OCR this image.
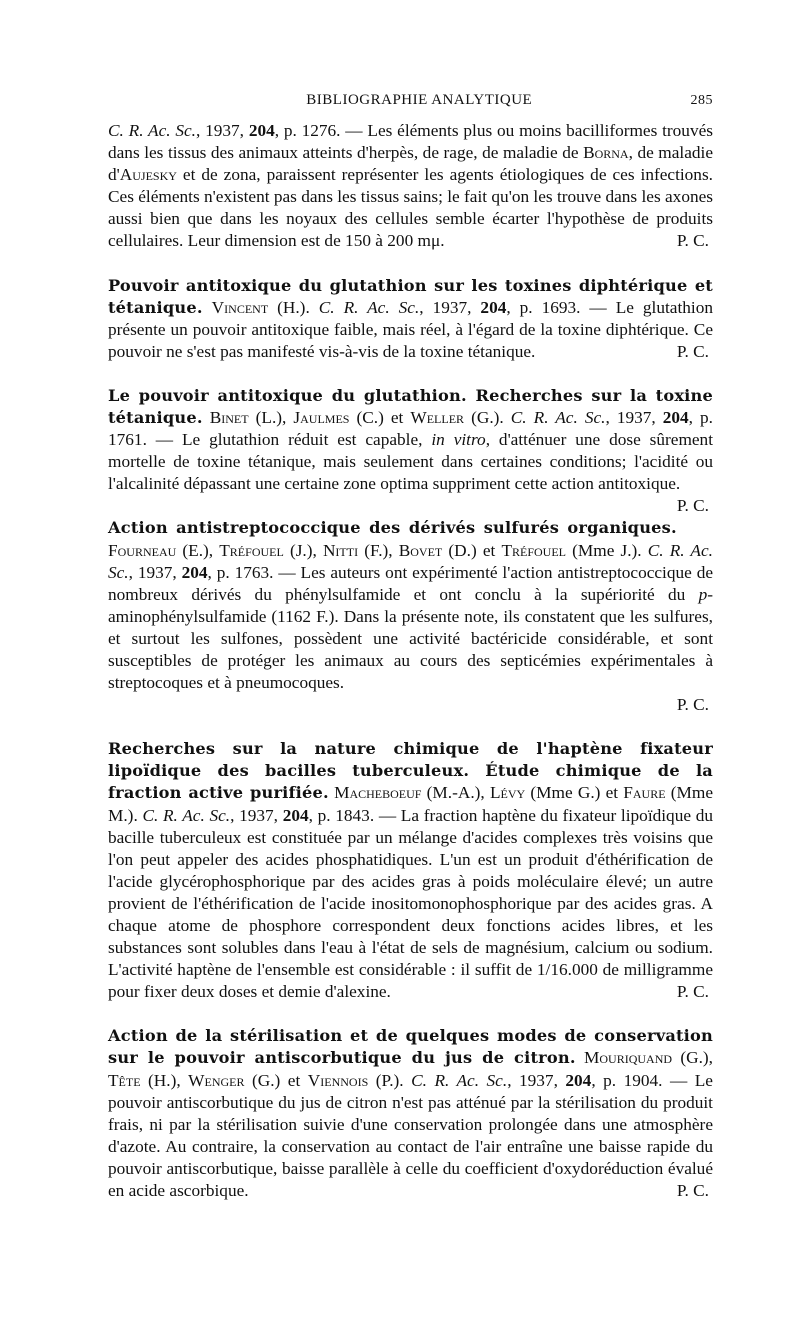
BIBLIOGRAPHIE ANALYTIQUE	285

C. R. Ac. Sc., 1937, 204, p. 1276. — Les éléments plus ou moins bacilliformes trouvés dans les tissus des animaux atteints d'herpès, de rage, de maladie de Borna, de maladie d'Aujesky et de zona, paraissent représenter les agents étiologiques de ces infections. Ces éléments n'existent pas dans les tissus sains; le fait qu'on les trouve dans les axones aussi bien que dans les noyaux des cellules semble écarter l'hypothèse de produits cellulaires. Leur dimension est de 150 à 200 mμ.	P. C.

Pouvoir antitoxique du glutathion sur les toxines diphtérique et tétanique. Vincent (H.). C. R. Ac. Sc., 1937, 204, p. 1693. — Le glutathion présente un pouvoir antitoxique faible, mais réel, à l'égard de la toxine diphtérique. Ce pouvoir ne s'est pas manifesté vis-à-vis de la toxine tétanique.	P. C.

Le pouvoir antitoxique du glutathion. Recherches sur la toxine tétanique. Binet (L.), Jaulmes (C.) et Weller (G.). C. R. Ac. Sc., 1937, 204, p. 1761. — Le glutathion réduit est capable, in vitro, d'atténuer une dose sûrement mortelle de toxine tétanique, mais seulement dans certaines conditions; l'acidité ou l'alcalinité dépassant une certaine zone optima suppriment cette action antitoxique.
P. C.

Action antistreptococcique des dérivés sulfurés organiques. Fourneau (E.), Tréfouel (J.), Nitti (F.), Bovet (D.) et Tréfouel (Mme J.). C. R. Ac. Sc., 1937, 204, p. 1763. — Les auteurs ont expérimenté l'action antistreptococcique de nombreux dérivés du phénylsulfamide et ont conclu à la supériorité du p-aminophénylsulfamide (1162 F.). Dans la présente note, ils constatent que les sulfures, et surtout les sulfones, possèdent une activité bactéricide considérable, et sont susceptibles de protéger les animaux au cours des septicémies expérimentales à streptocoques et à pneumocoques.
P. C.

Recherches sur la nature chimique de l'haptène fixateur lipoïdique des bacilles tuberculeux. Étude chimique de la fraction active purifiée. Macheboeuf (M.-A.), Lévy (Mme G.) et Faure (Mme M.). C. R. Ac. Sc., 1937, 204, p. 1843. — La fraction haptène du fixateur lipoïdique du bacille tuberculeux est constituée par un mélange d'acides complexes très voisins que l'on peut appeler des acides phosphatidiques. L'un est un produit d'éthérification de l'acide glycérophosphorique par des acides gras à poids moléculaire élevé; un autre provient de l'éthérification de l'acide inositomonophosphorique par des acides gras. A chaque atome de phosphore correspondent deux fonctions acides libres, et les substances sont solubles dans l'eau à l'état de sels de magnésium, calcium ou sodium. L'activité haptène de l'ensemble est considérable : il suffit de 1/16.000 de milligramme pour fixer deux doses et demie d'alexine.	P. C.

Action de la stérilisation et de quelques modes de conservation sur le pouvoir antiscorbutique du jus de citron. Mouriquand (G.), Tête (H.), Wenger (G.) et Viennois (P.). C. R. Ac. Sc., 1937, 204, p. 1904. — Le pouvoir antiscorbutique du jus de citron n'est pas atténué par la stérilisation du produit frais, ni par la stérilisation suivie d'une conservation prolongée dans une atmosphère d'azote. Au contraire, la conservation au contact de l'air entraîne une baisse rapide du pouvoir antiscorbutique, baisse parallèle à celle du coefficient d'oxydoréduction évalué en acide ascorbique.	P. C.
